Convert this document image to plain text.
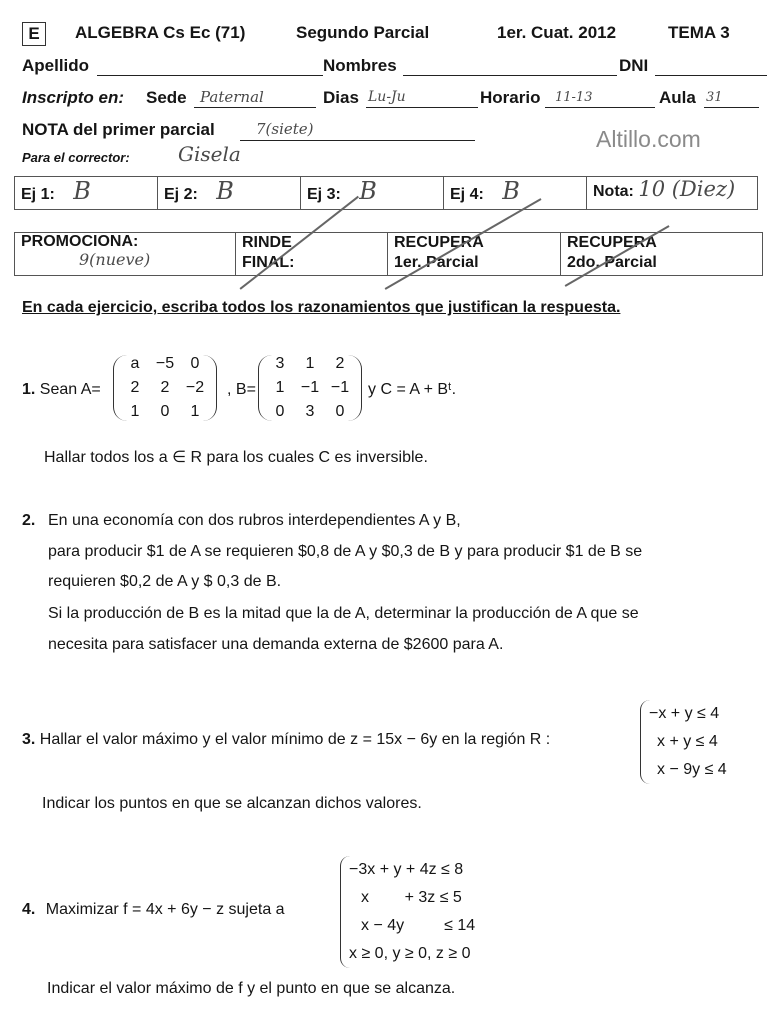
E	ALGEBRA Cs Ec (71)	Segundo Parcial	1er. Cuat. 2012	TEMA 3
Apellido	Nombres	DNI
Inscripto en: Sede Paternal	Dias Lu-Ju	Horario	11-13	Aula 31
NOTA del primer parcial	7(siete)	Altillo.com
Para el corrector: Gisela
Ej 1: B	Ej 2: B	Ej 3: B	Ej 4: B	Nota: 10 (Diez)
PROMOCIONA:
9(nueve)

RINDE
FINAL:

RECUPERA
1er. Parcial

RECUPERA
2do. Parcial
En cada ejercicio, escriba todos los razonamientos que justifican la respuesta.
1. Sean A=
a	−5	0
2	2	−2
1	0	1
, B=
3	1	2
1	−1 −1
0	3	0
y C = A + Bᵗ.
Hallar todos los a ∈ R para los cuales C es inversible.
2. En una economía con dos rubros interdependientes A y B,
para producir $1 de A se requieren $0,8 de A y $0,3 de B y para producir $1 de B se
requieren $0,2 de A y $ 0,3 de B.
Si la producción de B es la mitad que la de A, determinar la producción de A que se
necesita para satisfacer una demanda externa de $2600 para A.
3. Hallar el valor máximo y el valor mínimo de z = 15x − 6y en la región R :
−x + y ≤ 4
x + y ≤ 4
x − 9y ≤ 4
Indicar los puntos en que se alcanzan dichos valores.
4. Maximizar f = 4x + 6y − z sujeta a
−3x + y + 4z ≤ 8
x        + 3z ≤ 5
x − 4y         ≤ 14
x ≥ 0, y ≥ 0, z ≥ 0
Indicar el valor máximo de f y el punto en que se alcanza.
